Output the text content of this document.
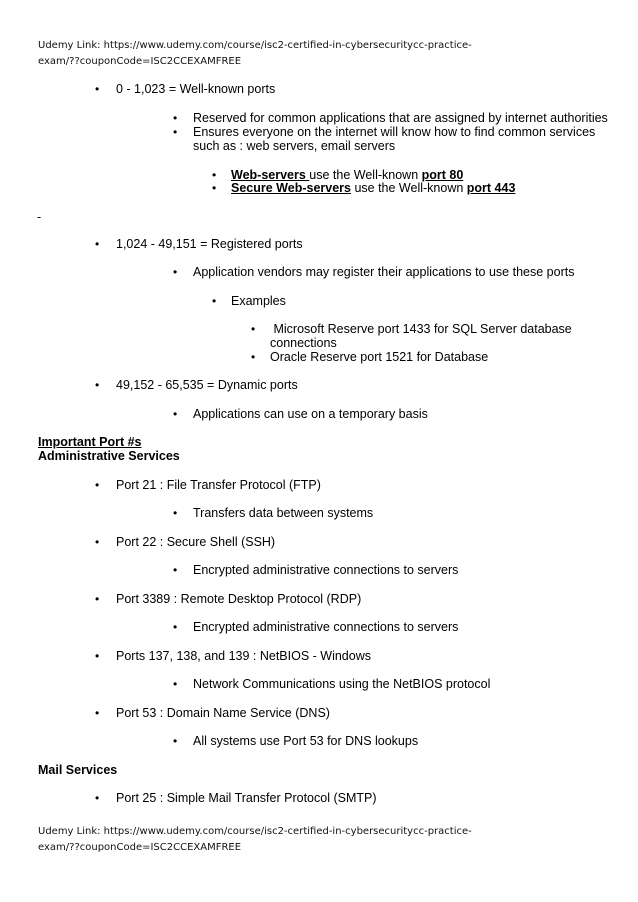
Udemy Link: https://www.udemy.com/course/isc2-certified-in-cybersecuritycc-practice-
exam/??couponCode=ISC2CCEXAMFREE
• 0 - 1,023 = Well-known ports
• Reserved for common applications that are assigned by internet authorities
• Ensures everyone on the internet will know how to find common services
such as : web servers, email servers
• Web-servers use the Well-known port 80
• Secure Web-servers use the Well-known port 443
-
• 1,024 - 49,151 = Registered ports
• Application vendors may register their applications to use these ports
• Examples
• Microsoft Reserve port 1433 for SQL Server database
connections
• Oracle Reserve port 1521 for Database
• 49,152 - 65,535 = Dynamic ports
• Applications can use on a temporary basis
Important Port #s
Administrative Services
• Port 21 : File Transfer Protocol (FTP)
• Transfers data between systems
• Port 22 : Secure Shell (SSH)
• Encrypted administrative connections to servers
• Port 3389 : Remote Desktop Protocol (RDP)
• Encrypted administrative connections to servers
• Ports 137, 138, and 139 : NetBIOS - Windows
• Network Communications using the NetBIOS protocol
• Port 53 : Domain Name Service (DNS)
• All systems use Port 53 for DNS lookups
Mail Services
• Port 25 : Simple Mail Transfer Protocol (SMTP)
Udemy Link: https://www.udemy.com/course/isc2-certified-in-cybersecuritycc-practice-
exam/??couponCode=ISC2CCEXAMFREE
